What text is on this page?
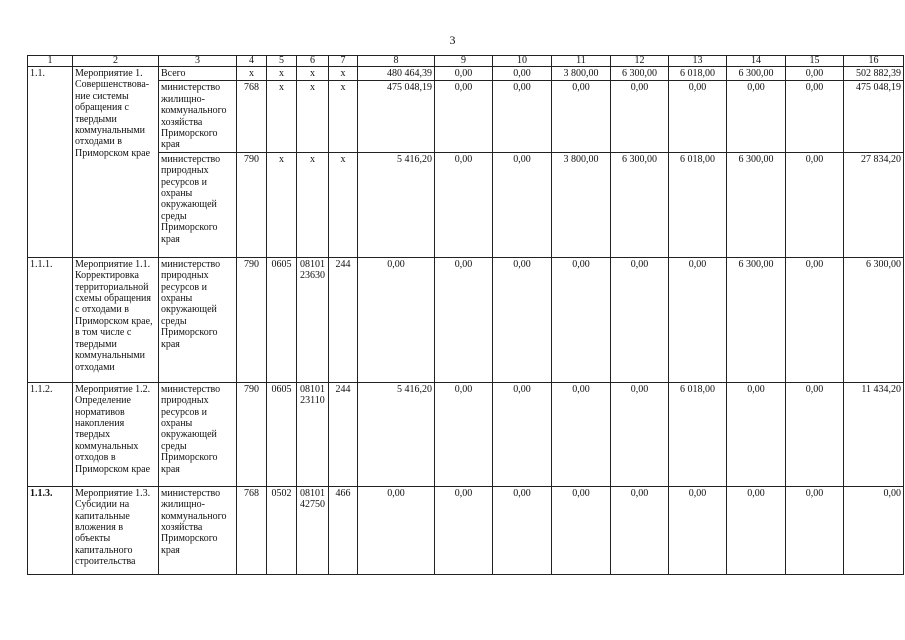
3
1	2	3	4	5	6	7	8	9	10	11	12	13	14	15	16
1.1.	Мероприятие 1. Совершенствова-ние системы обращения с твердыми коммунальными отходами в Приморском крае	Всего	x	x	x	x	480 464,39	0,00	0,00	3 800,00	6 300,00	6 018,00	6 300,00	0,00	502 882,39
		министерство жилищно-коммунального хозяйства Приморского края	768	x	x	x	475 048,19	0,00	0,00	0,00	0,00	0,00	0,00	0,00	475 048,19
		министерство природных ресурсов и охраны окружающей среды Приморского края	790	x	x	x	5 416,20	0,00	0,00	3 800,00	6 300,00	6 018,00	6 300,00	0,00	27 834,20
1.1.1.	Мероприятие 1.1. Корректировка территориальной схемы обращения с отходами в Приморском крае, в том числе с твердыми коммунальными отходами	министерство природных ресурсов и охраны окружающей среды Приморского края	790	0605	08101 23630	244	0,00	0,00	0,00	0,00	0,00	0,00	6 300,00	0,00	6 300,00
1.1.2.	Мероприятие 1.2. Определение нормативов накопления твердых коммунальных отходов в Приморском крае	министерство природных ресурсов и охраны окружающей среды Приморского края	790	0605	08101 23110	244	5 416,20	0,00	0,00	0,00	0,00	6 018,00	0,00	0,00	11 434,20
1.1.3.	Мероприятие 1.3. Субсидии на капитальные вложения в объекты капитального строительства	министерство жилищно-коммунального хозяйства Приморского края	768	0502	08101 42750	466	0,00	0,00	0,00	0,00	0,00	0,00	0,00	0,00	0,00
